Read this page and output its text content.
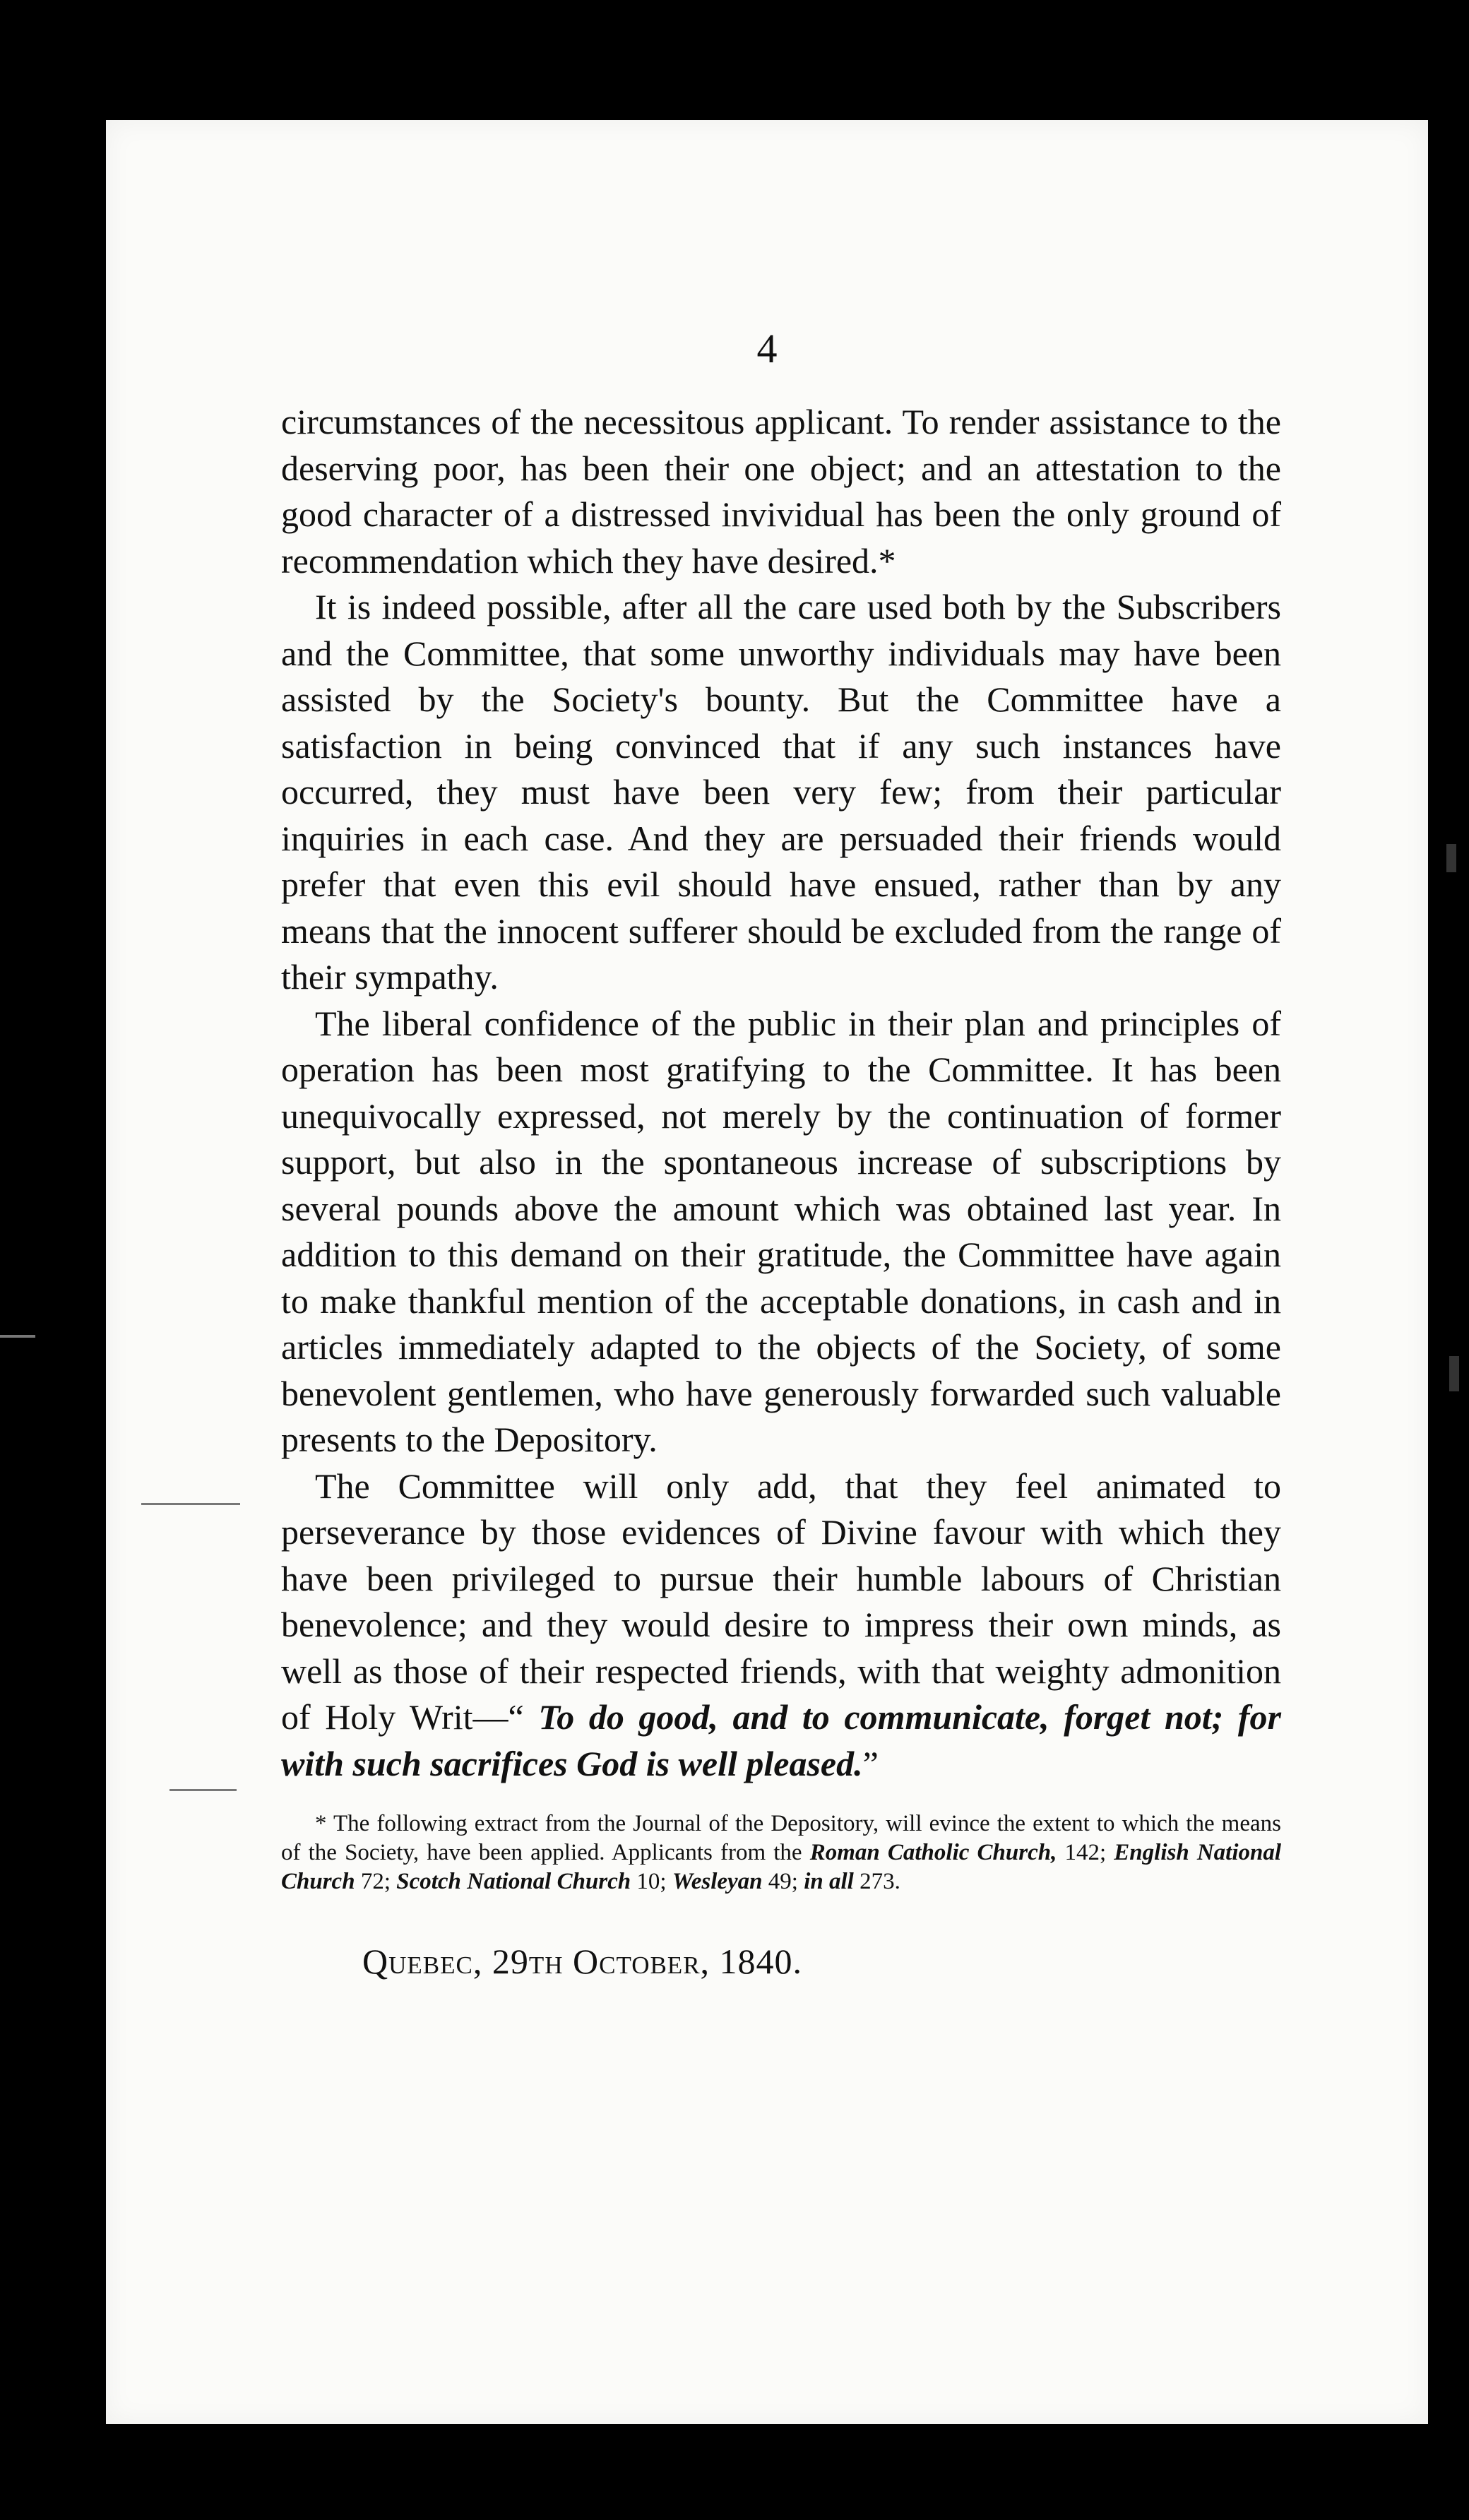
4

circumstances of the necessitous applicant. To render assistance to the deserving poor, has been their one object; and an attestation to the good character of a distressed invividual has been the only ground of recommendation which they have desired.*

It is indeed possible, after all the care used both by the Subscribers and the Committee, that some unworthy individuals may have been assisted by the Society's bounty. But the Committee have a satisfaction in being convinced that if any such instances have occurred, they must have been very few; from their particular inquiries in each case. And they are persuaded their friends would prefer that even this evil should have ensued, rather than by any means that the innocent sufferer should be excluded from the range of their sympathy.

The liberal confidence of the public in their plan and principles of operation has been most gratifying to the Committee. It has been unequivocally expressed, not merely by the continuation of former support, but also in the spontaneous increase of subscriptions by several pounds above the amount which was obtained last year. In addition to this demand on their gratitude, the Committee have again to make thankful mention of the acceptable donations, in cash and in articles immediately adapted to the objects of the Society, of some benevolent gentlemen, who have generously forwarded such valuable presents to the Depository.

The Committee will only add, that they feel animated to perseverance by those evidences of Divine favour with which they have been privileged to pursue their humble labours of Christian benevolence; and they would desire to impress their own minds, as well as those of their respected friends, with that weighty admonition of Holy Writ—“ To do good, and to communicate, forget not; for with such sacrifices God is well pleased.”

* The following extract from the Journal of the Depository, will evince the extent to which the means of the Society, have been applied. Applicants from the Roman Catholic Church, 142; English National Church 72; Scotch National Church 10; Wesleyan 49; in all 273.

Quebec, 29th October, 1840.
